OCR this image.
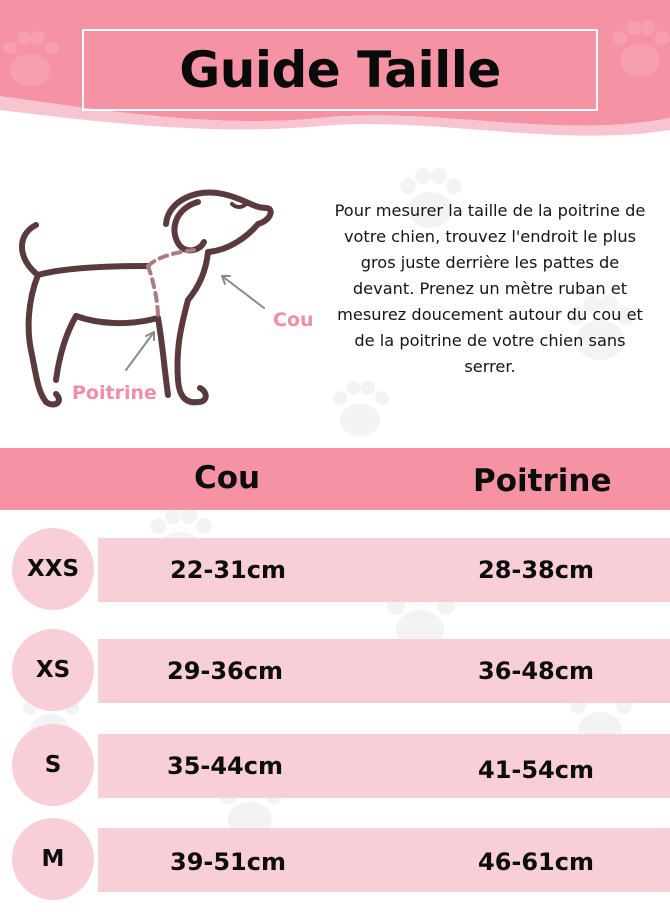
Guide Taille
Cou
Poitrine
Pour mesurer la taille de la poitrine de votre chien, trouvez l'endroit le plus gros juste derrière les pattes de devant. Prenez un mètre ruban et mesurez doucement autour du cou et de la poitrine de votre chien sans serrer.
Cou	Poitrine
XXS	22-31cm	28-38cm
XS	29-36cm	36-48cm
S	35-44cm	41-54cm
M	39-51cm	46-61cm
